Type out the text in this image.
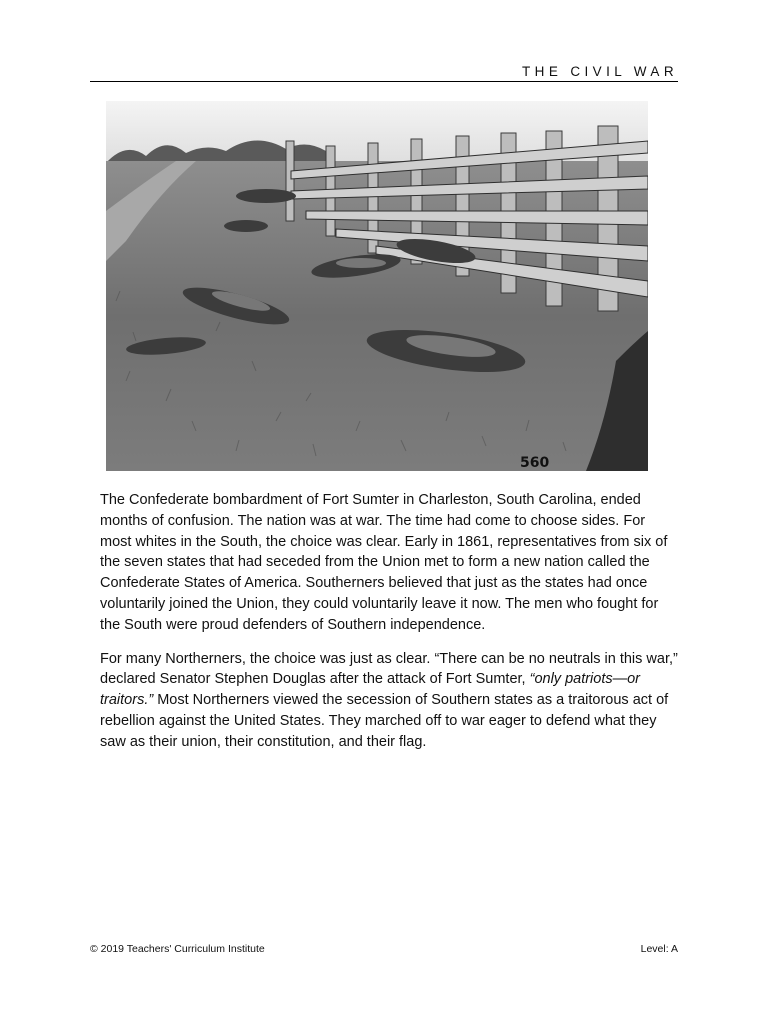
THE CIVIL WAR
560

The Confederate bombardment of Fort Sumter in Charleston, South Carolina, ended months of confusion. The nation was at war. The time had come to choose sides. For most whites in the South, the choice was clear. Early in 1861, representatives from six of the seven states that had seceded from the Union met to form a new nation called the Confederate States of America. Southerners believed that just as the states had once voluntarily joined the Union, they could voluntarily leave it now. The men who fought for the South were proud defenders of Southern independence.

For many Northerners, the choice was just as clear. “There can be no neutrals in this war,” declared Senator Stephen Douglas after the attack of Fort Sumter, “only patriots—or traitors.” Most Northerners viewed the secession of Southern states as a traitorous act of rebellion against the United States. They marched off to war eager to defend what they saw as their union, their constitution, and their flag.

© 2019 Teachers' Curriculum Institute	Level: A
